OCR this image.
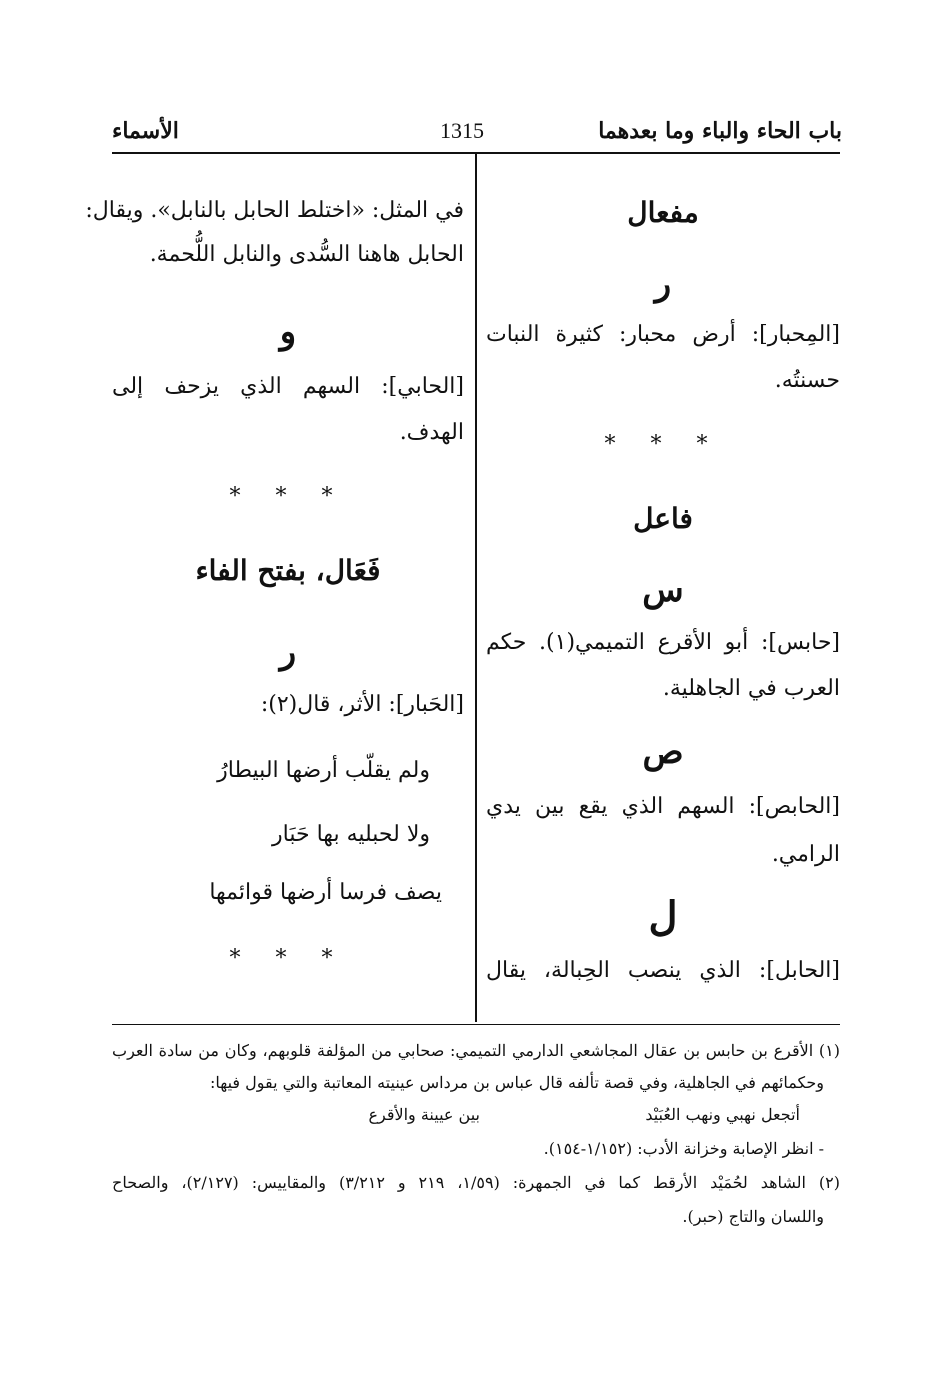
باب الحاء والباء وما بعدهما
1315
الأسماء
مفعال
ر
[المِحبار]: أرض محبار: كثيرة النبات
حسنتُه.
* * *
فاعل
س
[حابس]: أبو الأقرع التميمي(١). حكم
العرب في الجاهلية.
ص
[الحابص]: السهم الذي يقع بين يدي
الرامي.
ل
[الحابل]: الذي ينصب الحِبالة، يقال
في المثل: «اختلط الحابل بالنابل». ويقال:
الحابل هاهنا السُّدى والنابل اللُّحمة.
و
[الحابي]: السهم الذي يزحف إلى
الهدف.
* * *
فَعَال، بفتح الفاء
ر
[الحَبار]: الأثر، قال(٢):
ولم يقلّب أرضها البيطارُ
ولا لحبليه بها حَبَار
يصف فرسا أرضها قوائمها
* * *
(١) الأقرع بن حابس بن عقال المجاشعي الدارمي التميمي: صحابي من المؤلفة قلوبهم، وكان من سادة العرب
وحكمائهم في الجاهلية، وفي قصة تألفه قال عباس بن مرداس عينيته المعاتبة والتي يقول فيها:
أتجعل نهبي ونهب العُبَيْد
بين عيينة والأقرع
- انظر الإصابة وخزانة الأدب: (١/١٥٢-١٥٤).
(٢) الشاهد لحُمَيْد الأرقط كما في الجمهرة: (١/٥٩، ٢١٩ و ٣/٢١٢) والمقاييس: (٢/١٢٧)، والصحاح
واللسان والتاج (حبر).
